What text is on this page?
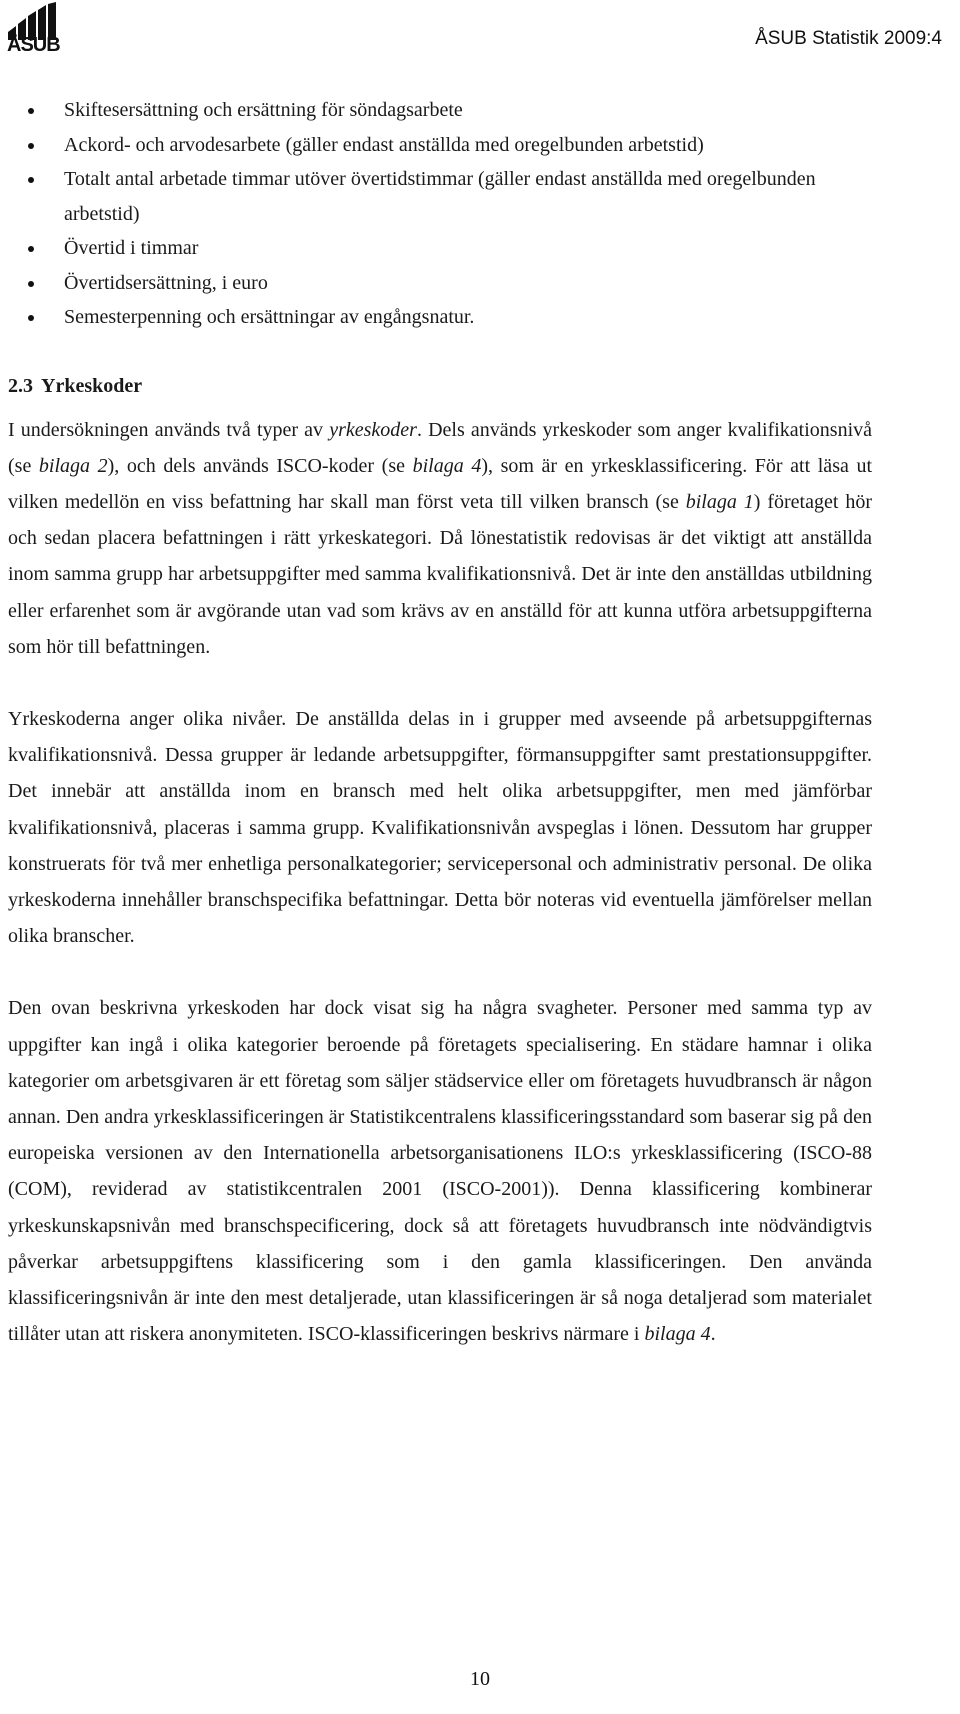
ÅSUB	ÅSUB Statistik 2009:4
Skiftesersättning och ersättning för söndagsarbete
Ackord- och arvodesarbete (gäller endast anställda med oregelbunden arbetstid)
Totalt antal arbetade timmar utöver övertidstimmar (gäller endast anställda med oregelbunden arbetstid)
Övertid i timmar
Övertidsersättning, i euro
Semesterpenning och ersättningar av engångsnatur.
2.3 Yrkeskoder

I undersökningen används två typer av yrkeskoder. Dels används yrkeskoder som anger kvalifikationsnivå (se bilaga 2), och dels används ISCO-koder (se bilaga 4), som är en yrkesklassificering. För att läsa ut vilken medellön en viss befattning har skall man först veta till vilken bransch (se bilaga 1) företaget hör och sedan placera befattningen i rätt yrkeskategori. Då lönestatistik redovisas är det viktigt att anställda inom samma grupp har arbetsuppgifter med samma kvalifikationsnivå. Det är inte den anställdas utbildning eller erfarenhet som är avgörande utan vad som krävs av en anställd för att kunna utföra arbetsuppgifterna som hör till befattningen.

Yrkeskoderna anger olika nivåer. De anställda delas in i grupper med avseende på arbetsuppgifternas kvalifikationsnivå. Dessa grupper är ledande arbetsuppgifter, förmansuppgifter samt prestationsuppgifter. Det innebär att anställda inom en bransch med helt olika arbetsuppgifter, men med jämförbar kvalifikationsnivå, placeras i samma grupp. Kvalifikationsnivån avspeglas i lönen. Dessutom har grupper konstruerats för två mer enhetliga personalkategorier; servicepersonal och administrativ personal. De olika yrkeskoderna innehåller branschspecifika befattningar. Detta bör noteras vid eventuella jämförelser mellan olika branscher.

Den ovan beskrivna yrkeskoden har dock visat sig ha några svagheter. Personer med samma typ av uppgifter kan ingå i olika kategorier beroende på företagets specialisering. En städare hamnar i olika kategorier om arbetsgivaren är ett företag som säljer städservice eller om företagets huvudbransch är någon annan. Den andra yrkesklassificeringen är Statistikcentralens klassificeringsstandard som baserar sig på den europeiska versionen av den Internationella arbetsorganisationens ILO:s yrkesklassificering (ISCO-88 (COM), reviderad av statistikcentralen 2001 (ISCO-2001)). Denna klassificering kombinerar yrkeskunskapsnivån med branschspecificering, dock så att företagets huvudbransch inte nödvändigtvis påverkar arbetsuppgiftens klassificering som i den gamla klassificeringen. Den använda klassificeringsnivån är inte den mest detaljerade, utan klassificeringen är så noga detaljerad som materialet tillåter utan att riskera anonymiteten. ISCO-klassificeringen beskrivs närmare i bilaga 4.

10
